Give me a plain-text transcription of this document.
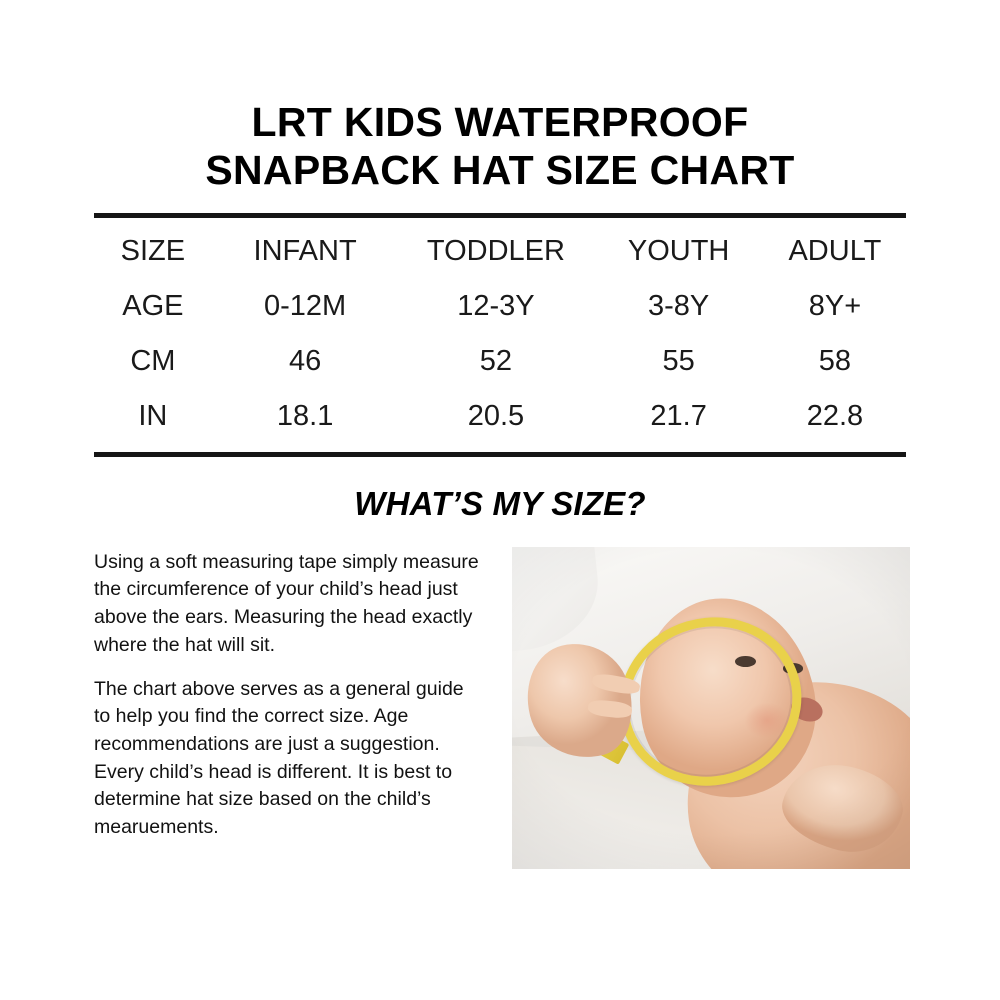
LRT KIDS WATERPROOF
SNAPBACK HAT SIZE CHART
SIZE	INFANT	TODDLER	YOUTH	ADULT
AGE	0-12M	12-3Y	3-8Y	8Y+
CM	46	52	55	58
IN	18.1	20.5	21.7	22.8
WHAT’S MY SIZE?

Using a soft measuring tape simply measure the circumference of your child’s head just above the ears. Measuring the head exactly where the hat will sit.

The chart above serves as a general guide to help you find the correct size. Age recommendations are just a suggestion. Every child’s head is different. It is best to determine hat size based on the child’s mearuements.
